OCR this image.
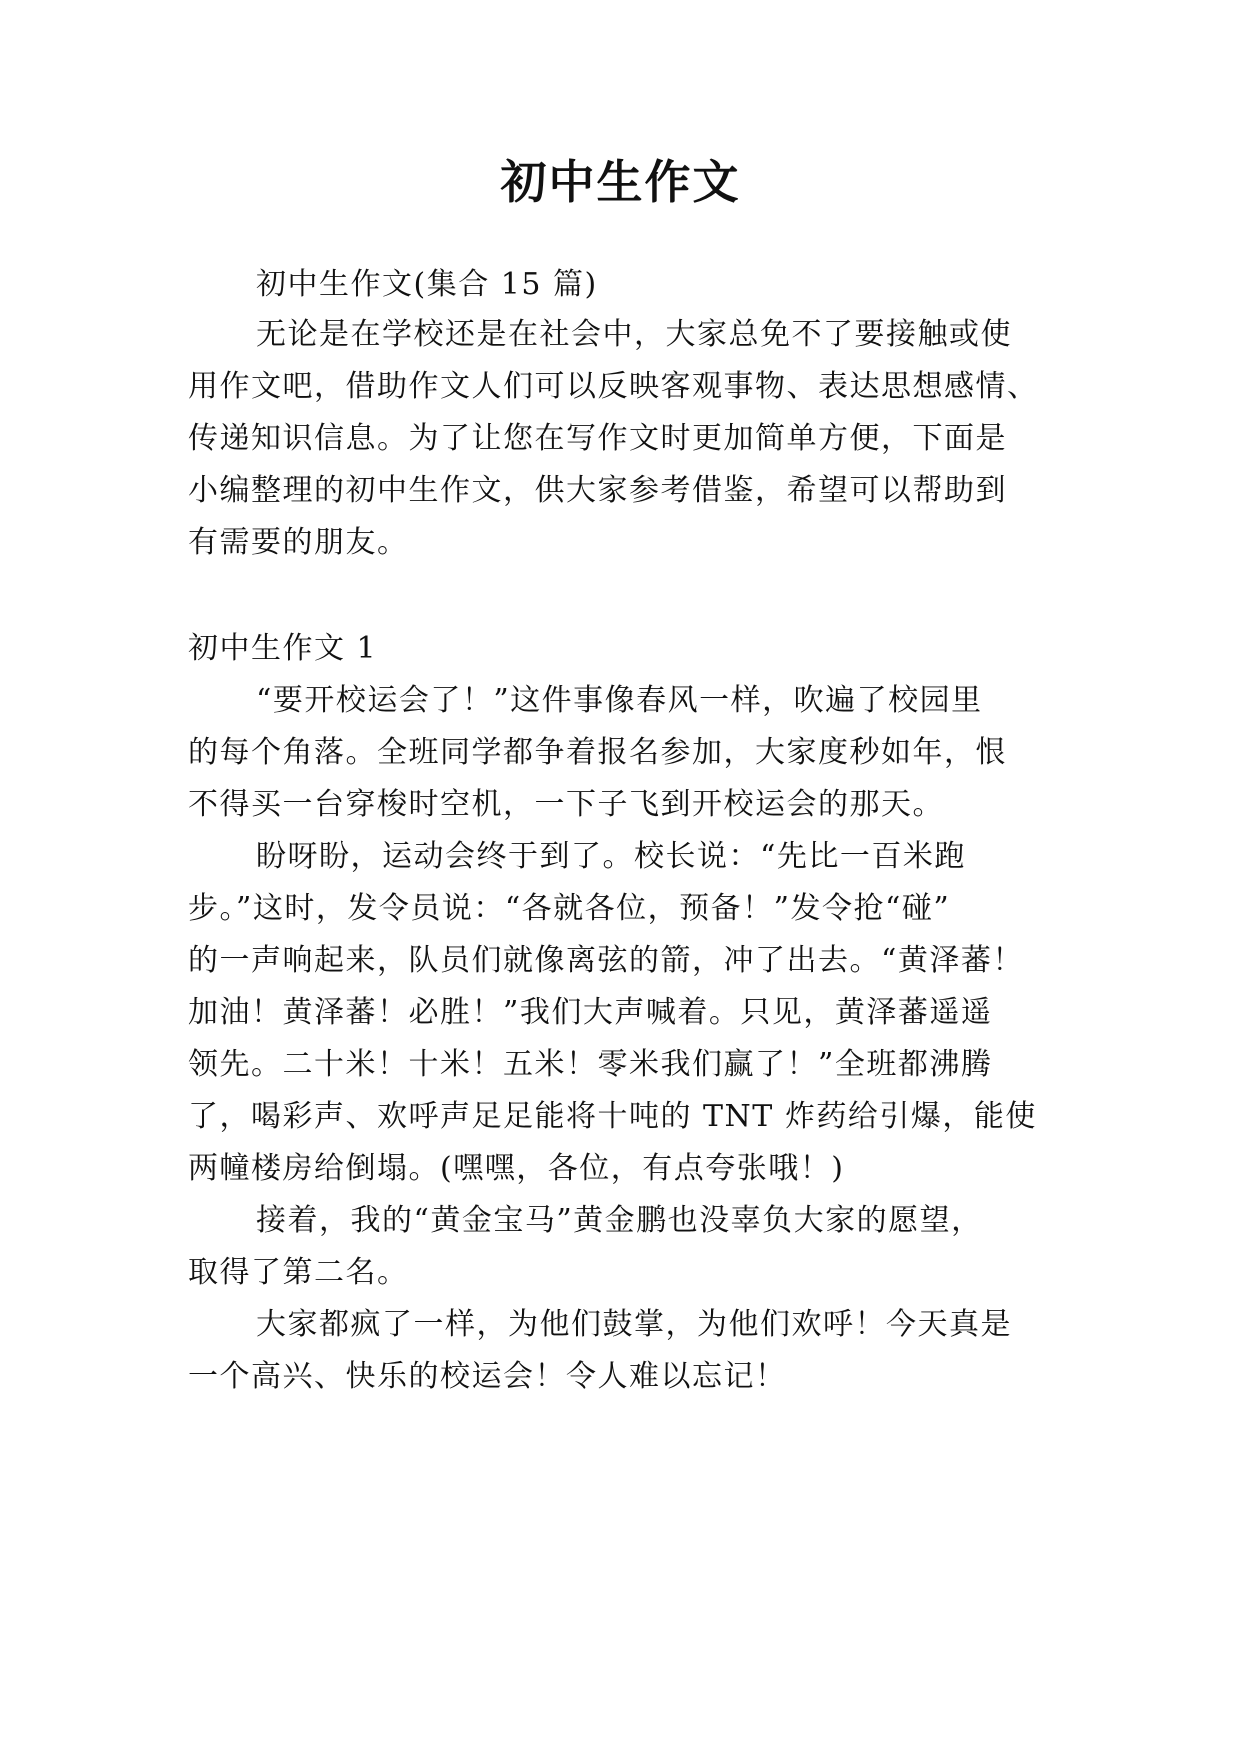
初中生作文
初中生作文(集合 15 篇)
无论是在学校还是在社会中，大家总免不了要接触或使
用作文吧，借助作文人们可以反映客观事物、表达思想感情、
传递知识信息。为了让您在写作文时更加简单方便，下面是
小编整理的初中生作文，供大家参考借鉴，希望可以帮助到
有需要的朋友。
初中生作文 1
“要开校运会了！”这件事像春风一样，吹遍了校园里
的每个角落。全班同学都争着报名参加，大家度秒如年，恨
不得买一台穿梭时空机，一下子飞到开校运会的那天。
盼呀盼，运动会终于到了。校长说：“先比一百米跑
步。”这时，发令员说：“各就各位，预备！”发令抢“碰”
的一声响起来，队员们就像离弦的箭，冲了出去。“黄泽蕃！
加油！黄泽蕃！必胜！”我们大声喊着。只见，黄泽蕃遥遥
领先。二十米！十米！五米！零米我们赢了！”全班都沸腾
了，喝彩声、欢呼声足足能将十吨的 TNT 炸药给引爆，能使
两幢楼房给倒塌。(嘿嘿，各位，有点夸张哦！)
接着，我的“黄金宝马”黄金鹏也没辜负大家的愿望，
取得了第二名。
大家都疯了一样，为他们鼓掌，为他们欢呼！今天真是
一个高兴、快乐的校运会！令人难以忘记！
